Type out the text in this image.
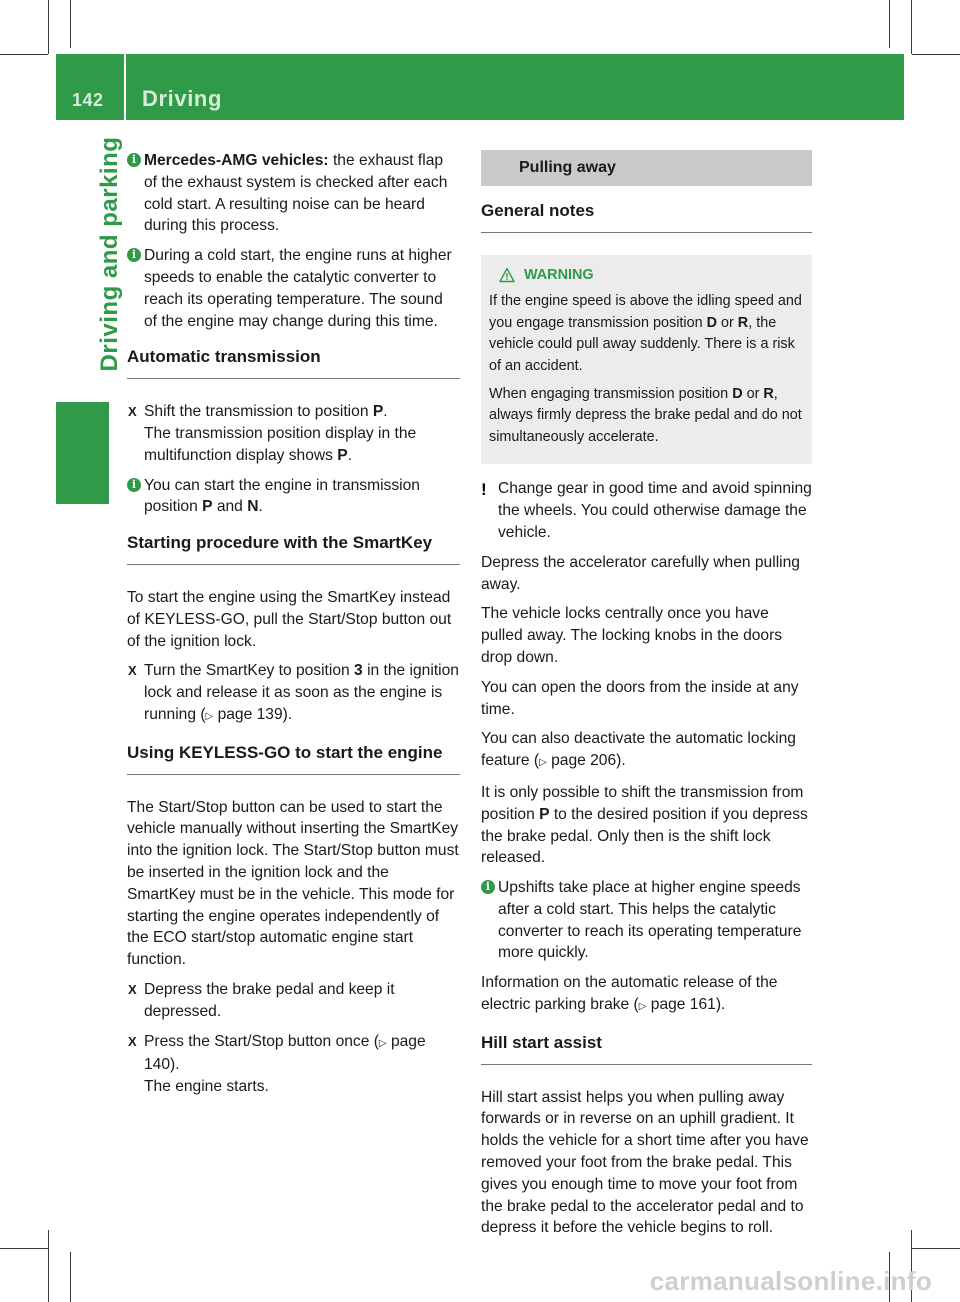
142 Driving
Driving and parking i Mercedes-AMG vehicles: the exhaust flap of the exhaust system is checked after each cold start. A resulting noise can be heard during this process.
i During a cold start, the engine runs at higher speeds to enable the catalytic converter to reach its operating temperature. The sound of the engine may change during this time.
Automatic transmission
X Shift the transmission to position P.
The transmission position display in the multifunction display shows P.
i You can start the engine in transmission position P and N.
Starting procedure with the SmartKey

To start the engine using the SmartKey instead of KEYLESS-GO, pull the Start/Stop button out of the ignition lock.

X Turn the SmartKey to position 3 in the ignition lock and release it as soon as the engine is running (▷ page 139).
Using KEYLESS-GO to start the engine

The Start/Stop button can be used to start the vehicle manually without inserting the SmartKey into the ignition lock. The Start/Stop button must be inserted in the ignition lock and the SmartKey must be in the vehicle. This mode for starting the engine operates independently of the ECO start/stop automatic engine start function.

X Depress the brake pedal and keep it depressed.
X Press the Start/Stop button once (▷ page 140).
The engine starts.
Pulling away
General notes
WARNING

If the engine speed is above the idling speed and you engage transmission position D or R, the vehicle could pull away suddenly. There is a risk of an accident.

When engaging transmission position D or R, always firmly depress the brake pedal and do not simultaneously accelerate.

! Change gear in good time and avoid spinning the wheels. You could otherwise damage the vehicle.

Depress the accelerator carefully when pulling away.

The vehicle locks centrally once you have pulled away. The locking knobs in the doors drop down.

You can open the doors from the inside at any time.

You can also deactivate the automatic locking feature (▷ page 206).

It is only possible to shift the transmission from position P to the desired position if you depress the brake pedal. Only then is the shift lock released.

i Upshifts take place at higher engine speeds after a cold start. This helps the catalytic converter to reach its operating temperature more quickly.

Information on the automatic release of the electric parking brake (▷ page 161).

Hill start assist

Hill start assist helps you when pulling away forwards or in reverse on an uphill gradient. It holds the vehicle for a short time after you have removed your foot from the brake pedal. This gives you enough time to move your foot from the brake pedal to the accelerator pedal and to depress it before the vehicle begins to roll.

carmanualsonline.info
